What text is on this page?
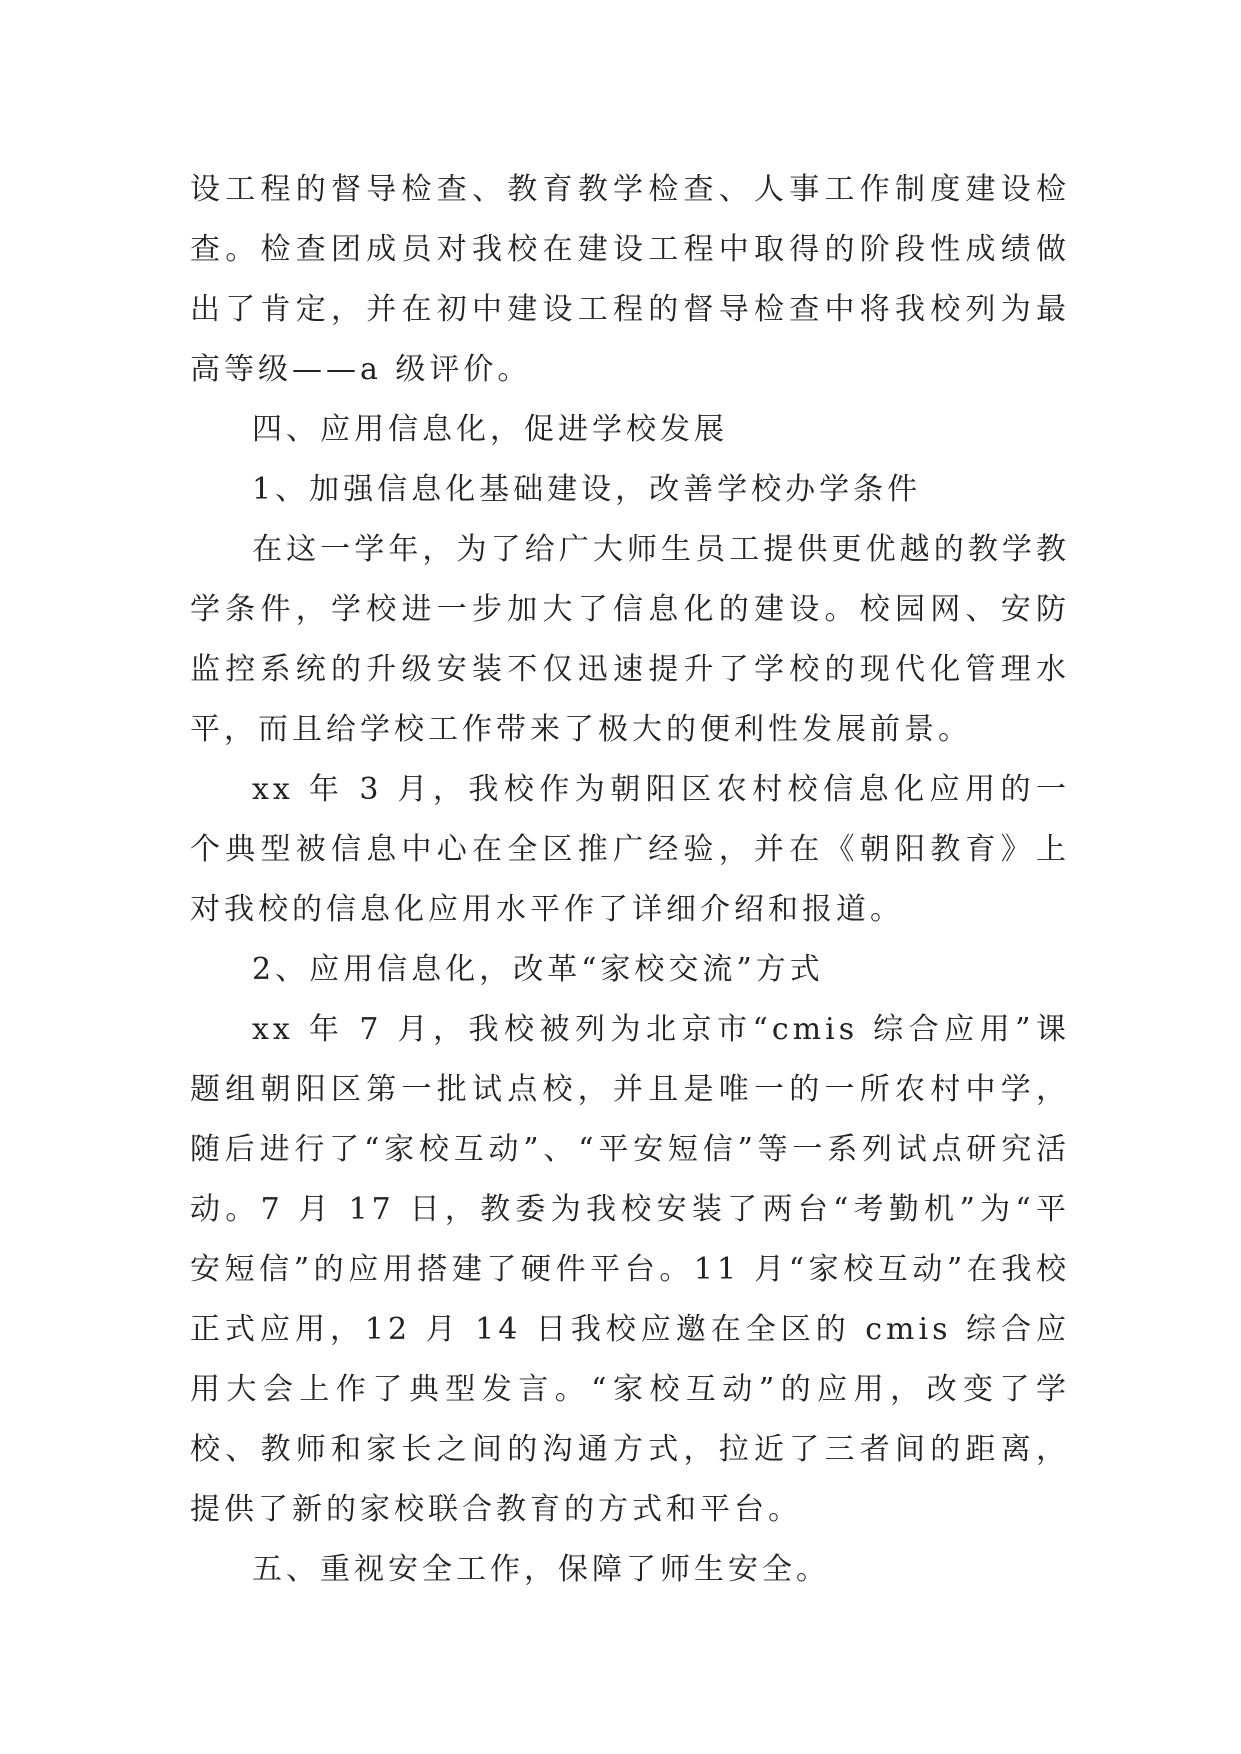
设工程的督导检查、教育教学检查、人事工作制度建设检查。检查团成员对我校在建设工程中取得的阶段性成绩做出了肯定，并在初中建设工程的督导检查中将我校列为最高等级——a 级评价。

四、应用信息化，促进学校发展

1、加强信息化基础建设，改善学校办学条件

在这一学年，为了给广大师生员工提供更优越的教学教学条件，学校进一步加大了信息化的建设。校园网、安防监控系统的升级安装不仅迅速提升了学校的现代化管理水平，而且给学校工作带来了极大的便利性发展前景。

xx 年 3 月，我校作为朝阳区农村校信息化应用的一个典型被信息中心在全区推广经验，并在《朝阳教育》上对我校的信息化应用水平作了详细介绍和报道。

2、应用信息化，改革“家校交流”方式

xx 年 7 月，我校被列为北京市“cmis 综合应用”课题组朝阳区第一批试点校，并且是唯一的一所农村中学，随后进行了“家校互动”、“平安短信”等一系列试点研究活动。7 月 17 日，教委为我校安装了两台“考勤机”为“平安短信”的应用搭建了硬件平台。11 月“家校互动”在我校正式应用，12 月 14 日我校应邀在全区的 cmis 综合应用大会上作了典型发言。“家校互动”的应用，改变了学校、教师和家长之间的沟通方式，拉近了三者间的距离，提供了新的家校联合教育的方式和平台。

五、重视安全工作，保障了师生安全。
